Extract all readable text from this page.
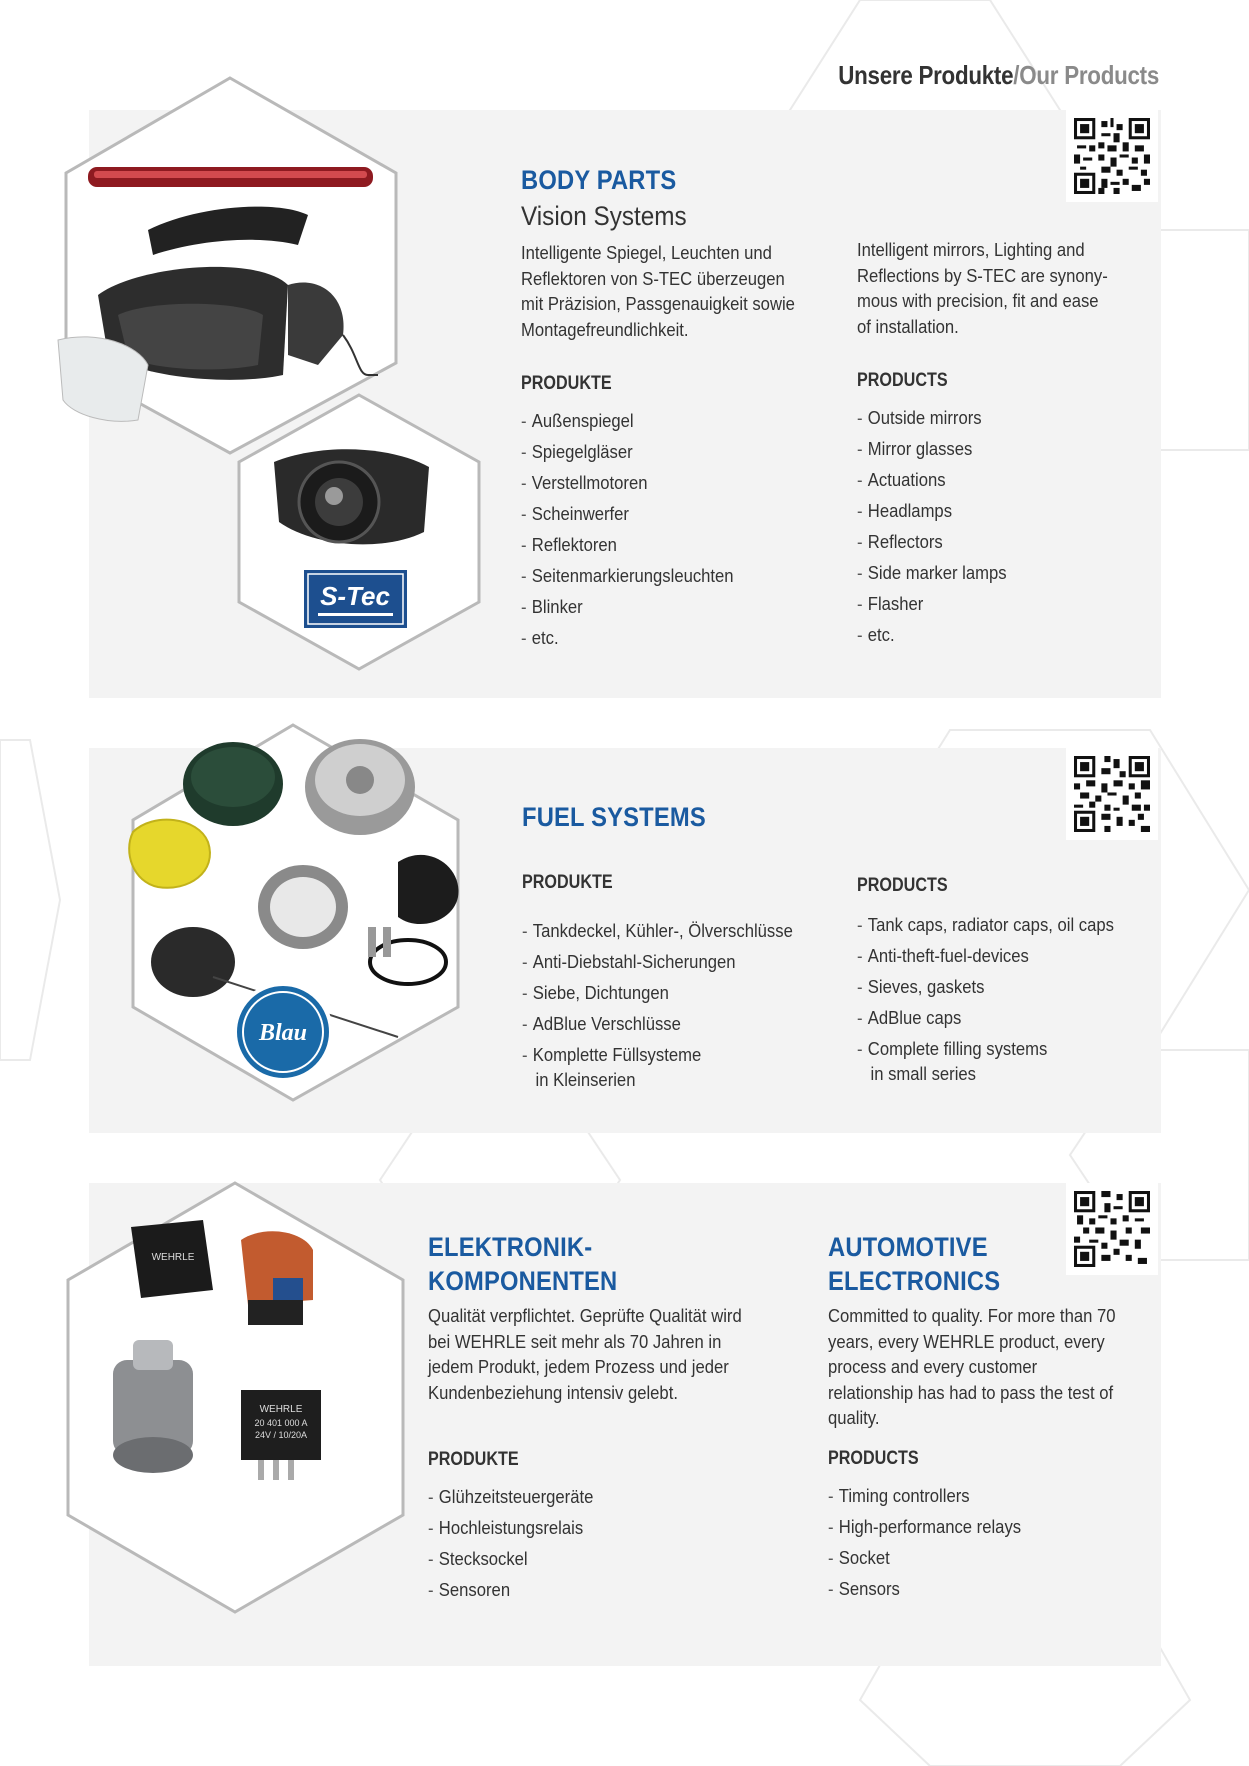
Unsere Produkte/Our Products
S-Tec
BODY PARTS
Vision Systems

Intelligente Spiegel, Leuchten und Reflektoren von S-TEC überzeugen mit Präzision, Passgenauigkeit sowie Montagefreundlichkeit.

Intelligent mirrors, Lighting and Reflections by S-TEC are synony-mous with precision, fit and ease of installation.

PRODUKTE	PRODUCTS
- Außenspiegel
- Spiegelgläser
- Verstellmotoren
- Scheinwerfer
- Reflektoren
- Seitenmarkierungsleuchten
- Blinker
- etc.
- Outside mirrors
- Mirror glasses
- Actuations
- Headlamps
- Reflectors
- Side marker lamps
- Flasher
- etc.
Blau
FUEL SYSTEMS
PRODUKTE	PRODUCTS
- Tankdeckel, Kühler-, Ölverschlüsse
- Anti-Diebstahl-Sicherungen
- Siebe, Dichtungen
- AdBlue Verschlüsse
- Komplette Füllsysteme
in Kleinserien
- Tank caps, radiator caps, oil caps
- Anti-theft-fuel-devices
- Sieves, gaskets
- AdBlue caps
- Complete filling systems
in small series
WEHRLE
WEHRLE
20 401 000 A
24V / 10/20A
ELEKTRONIK-
KOMPONENTEN
AUTOMOTIVE
ELECTRONICS

Qualität verpflichtet. Geprüfte Qualität wird bei WEHRLE seit mehr als 70 Jahren in jedem Produkt, jedem Prozess und jeder Kundenbeziehung intensiv gelebt.

Committed to quality. For more than 70 years, every WEHRLE product, every process and every customer relationship has had to pass the test of quality.

PRODUKTE	PRODUCTS
- Glühzeitsteuergeräte
- Hochleistungsrelais
- Stecksockel
- Sensoren
- Timing controllers
- High-performance relays
- Socket
- Sensors
